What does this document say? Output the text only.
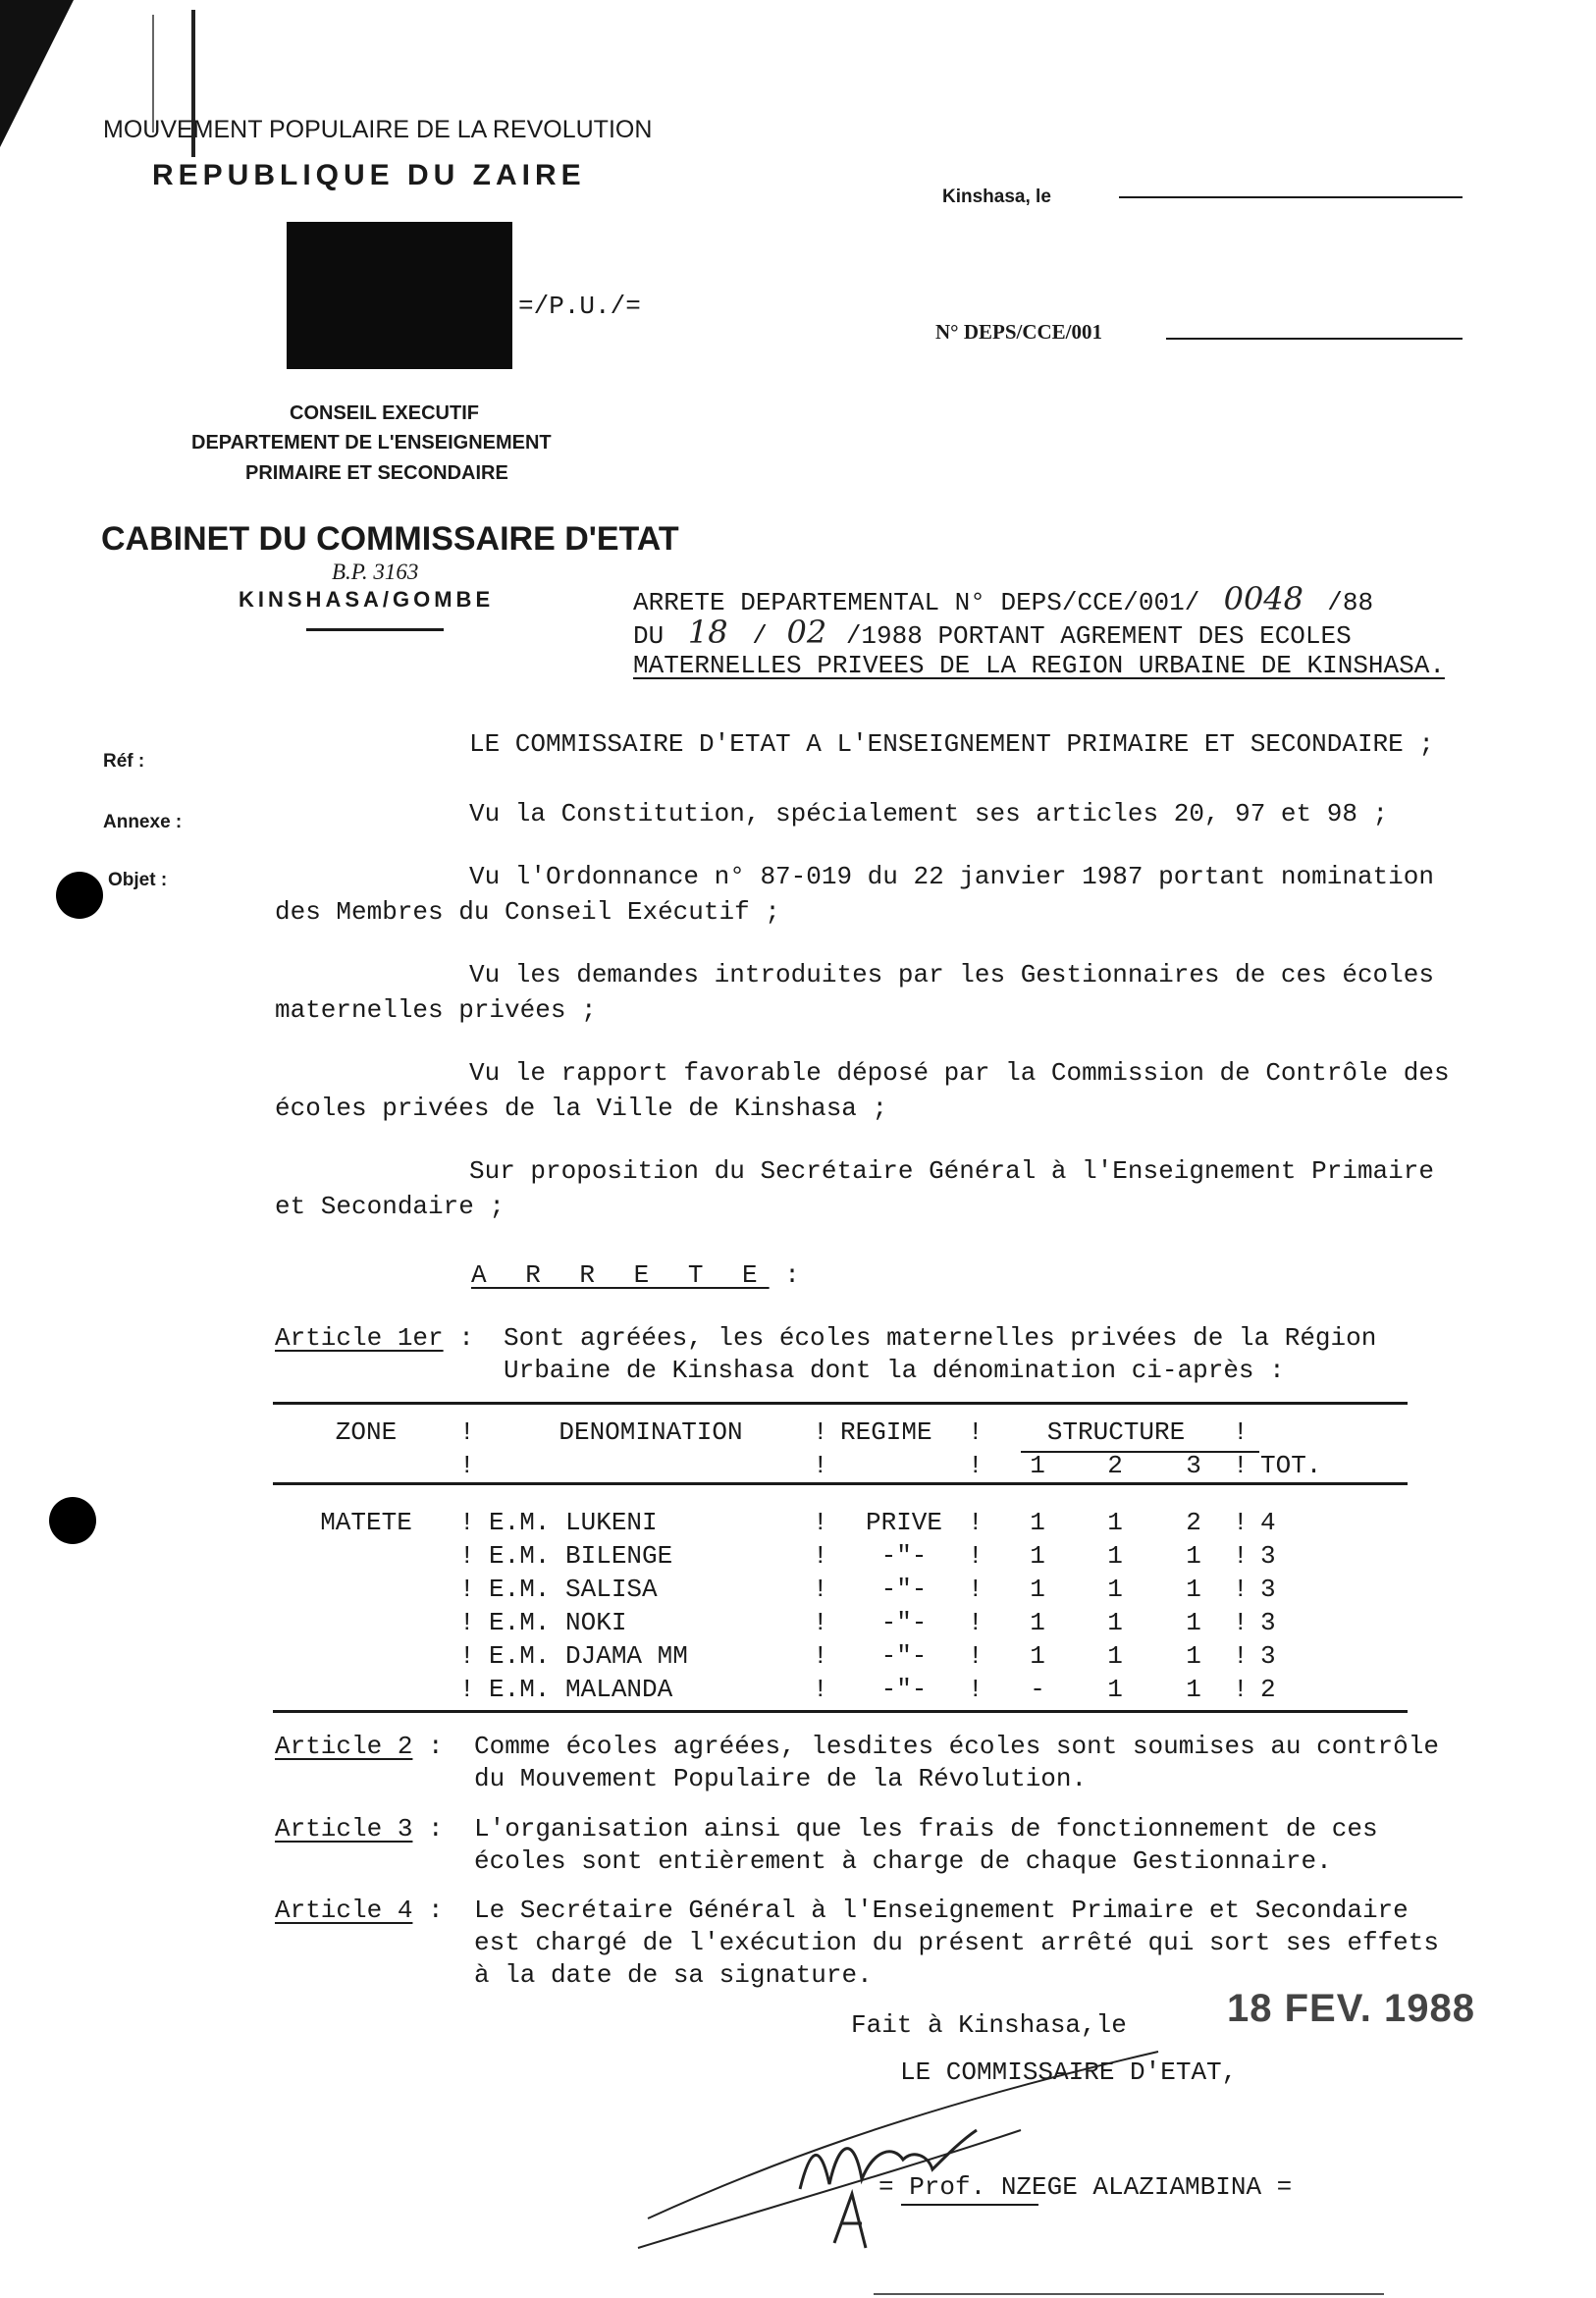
MOUVEMENT POPULAIRE DE LA REVOLUTION
REPUBLIQUE DU ZAIRE
=/P.U./=
CONSEIL EXECUTIF
DEPARTEMENT DE L'ENSEIGNEMENT
PRIMAIRE ET SECONDAIRE
CABINET DU COMMISSAIRE D'ETAT
B.P. 3163
KINSHASA/GOMBE
Kinshasa, le
N° DEPS/CCE/001
ARRETE DEPARTEMENTAL N° DEPS/CCE/001/ 0048 /88
DU 18 / 02 /1988 PORTANT AGREMENT DES ECOLES
MATERNELLES PRIVEES DE LA REGION URBAINE DE KINSHASA.
Réf :
Annexe :
Objet :
LE COMMISSAIRE D'ETAT A L'ENSEIGNEMENT PRIMAIRE ET SECONDAIRE ;
Vu la Constitution, spécialement ses articles 20, 97 et 98 ;
Vu l'Ordonnance n° 87-019 du 22 janvier 1987 portant nomination
des Membres du Conseil Exécutif ;
Vu les demandes introduites par les Gestionnaires de ces écoles
maternelles privées ;
Vu le rapport favorable déposé par la Commission de Contrôle des
écoles privées de la Ville de Kinshasa ;
Sur proposition du Secrétaire Général à l'Enseignement Primaire
et Secondaire ;
A R R E T E :
Article 1er : Sont agréées, les écoles maternelles privées de la Région
Urbaine de Kinshasa dont la dénomination ci-après :
ZONE	!	DENOMINATION	!	REGIME	!	STRUCTURE			!	
	!		!		!	1	2	3	!	TOT.

MATETE	!	E.M. LUKENI	!	PRIVE	!	1	1	2	!	4
	!	E.M. BILENGE	!	-"-	!	1	1	1	!	3
	!	E.M. SALISA	!	-"-	!	1	1	1	!	3
	!	E.M. NOKI	!	-"-	!	1	1	1	!	3
	!	E.M. DJAMA MM	!	-"-	!	1	1	1	!	3
	!	E.M. MALANDA	!	-"-	!	-	1	1	!	2
Article 2 : Comme écoles agréées, lesdites écoles sont soumises au contrôle
du Mouvement Populaire de la Révolution.
Article 3 : L'organisation ainsi que les frais de fonctionnement de ces
écoles sont entièrement à charge de chaque Gestionnaire.
Article 4 : Le Secrétaire Général à l'Enseignement Primaire et Secondaire
est chargé de l'exécution du présent arrêté qui sort ses effets
à la date de sa signature.
Fait à Kinshasa,le	18 FEV. 1988
LE COMMISSAIRE D'ETAT,
= Prof. NZEGE ALAZIAMBINA =
